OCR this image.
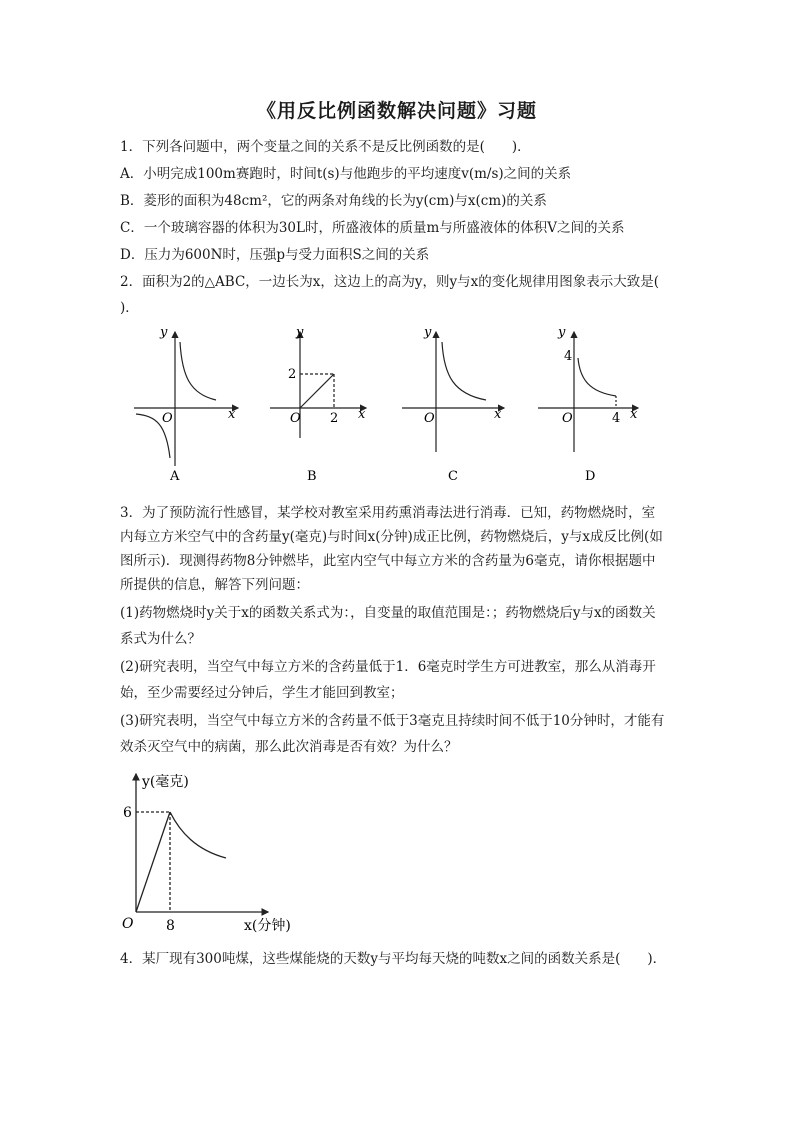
《用反比例函数解决问题》习题
1．下列各问题中，两个变量之间的关系不是反比例函数的是(　　)．
A．小明完成100m赛跑时，时间t(s)与他跑步的平均速度v(m/s)之间的关系
B．菱形的面积为48cm²，它的两条对角线的长为y(cm)与x(cm)的关系
C．一个玻璃容器的体积为30L时，所盛液体的质量m与所盛液体的体积V之间的关系
D．压力为600N时，压强p与受力面积S之间的关系
2．面积为2的△ABC，一边长为x，这边上的高为y，则y与x的变化规律用图象表示大致是(
)．
y
x
O
A
y
x
O
2
2
B
y
x
O
C
y
x
O
4
4
D
3．为了预防流行性感冒，某学校对教室采用药熏消毒法进行消毒．已知，药物燃烧时，室
内每立方米空气中的含药量y(毫克)与时间x(分钟)成正比例，药物燃烧后，y与x成反比例(如
图所示)．现测得药物8分钟燃毕，此室内空气中每立方米的含药量为6毫克，请你根据题中
所提供的信息，解答下列问题：
(1)药物燃烧时y关于x的函数关系式为：，自变量的取值范围是：；药物燃烧后y与x的函数关
系式为什么？
(2)研究表明，当空气中每立方米的含药量低于1．6毫克时学生方可进教室，那么从消毒开
始，至少需要经过分钟后，学生才能回到教室；
(3)研究表明，当空气中每立方米的含药量不低于3毫克且持续时间不低于10分钟时，才能有
效杀灭空气中的病菌，那么此次消毒是否有效？为什么？
y(毫克)
x(分钟)
O
6
8
4．某厂现有300吨煤，这些煤能烧的天数y与平均每天烧的吨数x之间的函数关系是(　　)．
